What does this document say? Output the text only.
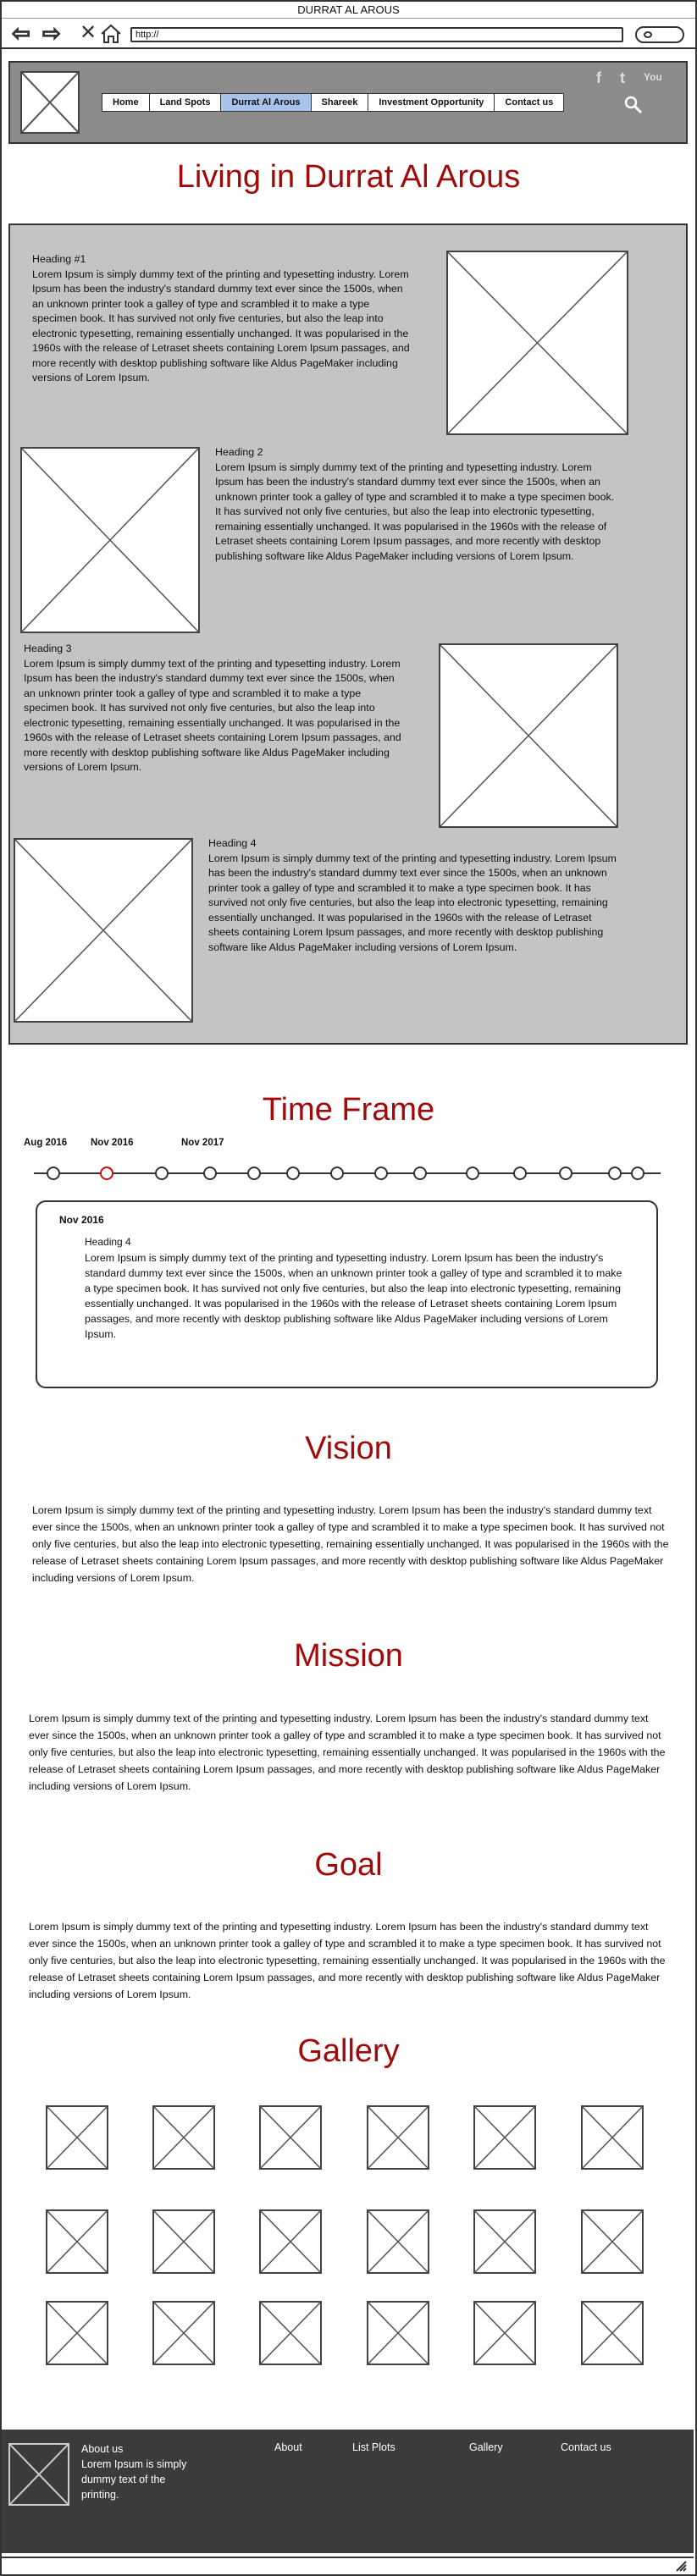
DURRAT AL AROUS
⇦ ⇨ ✕	http://
f t You
Home	Land Spots	Durrat Al Arous	Shareek	Investment Opportunity	Contact us
Living in Durrat Al Arous
Heading #1
Lorem Ipsum is simply dummy text of the printing and typesetting industry. Lorem Ipsum has been the industry's standard dummy text ever since the 1500s, when an unknown printer took a galley of type and scrambled it to make a type specimen book. It has survived not only five centuries, but also the leap into electronic typesetting, remaining essentially unchanged. It was popularised in the 1960s with the release of Letraset sheets containing Lorem Ipsum passages, and more recently with desktop publishing software like Aldus PageMaker including versions of Lorem Ipsum.
Heading 2
Lorem Ipsum is simply dummy text of the printing and typesetting industry. Lorem Ipsum has been the industry's standard dummy text ever since the 1500s, when an unknown printer took a galley of type and scrambled it to make a type specimen book. It has survived not only five centuries, but also the leap into electronic typesetting, remaining essentially unchanged. It was popularised in the 1960s with the release of Letraset sheets containing Lorem Ipsum passages, and more recently with desktop publishing software like Aldus PageMaker including versions of Lorem Ipsum.
Heading 3
Lorem Ipsum is simply dummy text of the printing and typesetting industry. Lorem Ipsum has been the industry's standard dummy text ever since the 1500s, when an unknown printer took a galley of type and scrambled it to make a type specimen book. It has survived not only five centuries, but also the leap into electronic typesetting, remaining essentially unchanged. It was popularised in the 1960s with the release of Letraset sheets containing Lorem Ipsum passages, and more recently with desktop publishing software like Aldus PageMaker including versions of Lorem Ipsum.
Heading 4
Lorem Ipsum is simply dummy text of the printing and typesetting industry. Lorem Ipsum has been the industry's standard dummy text ever since the 1500s, when an unknown printer took a galley of type and scrambled it to make a type specimen book. It has survived not only five centuries, but also the leap into electronic typesetting, remaining essentially unchanged. It was popularised in the 1960s with the release of Letraset sheets containing Lorem Ipsum passages, and more recently with desktop publishing software like Aldus PageMaker including versions of Lorem Ipsum.
Time Frame
Aug 2016 Nov 2016	Nov 2017
Nov 2016
Heading 4
Lorem Ipsum is simply dummy text of the printing and typesetting industry. Lorem Ipsum has been the industry's standard dummy text ever since the 1500s, when an unknown printer took a galley of type and scrambled it to make a type specimen book. It has survived not only five centuries, but also the leap into electronic typesetting, remaining essentially unchanged. It was popularised in the 1960s with the release of Letraset sheets containing Lorem Ipsum passages, and more recently with desktop publishing software like Aldus PageMaker including versions of Lorem Ipsum.
Vision
Lorem Ipsum is simply dummy text of the printing and typesetting industry. Lorem Ipsum has been the industry's standard dummy text ever since the 1500s, when an unknown printer took a galley of type and scrambled it to make a type specimen book. It has survived not only five centuries, but also the leap into electronic typesetting, remaining essentially unchanged. It was popularised in the 1960s with the release of Letraset sheets containing Lorem Ipsum passages, and more recently with desktop publishing software like Aldus PageMaker including versions of Lorem Ipsum.
Mission
Lorem Ipsum is simply dummy text of the printing and typesetting industry. Lorem Ipsum has been the industry's standard dummy text ever since the 1500s, when an unknown printer took a galley of type and scrambled it to make a type specimen book. It has survived not only five centuries, but also the leap into electronic typesetting, remaining essentially unchanged. It was popularised in the 1960s with the release of Letraset sheets containing Lorem Ipsum passages, and more recently with desktop publishing software like Aldus PageMaker including versions of Lorem Ipsum.
Goal
Lorem Ipsum is simply dummy text of the printing and typesetting industry. Lorem Ipsum has been the industry's standard dummy text ever since the 1500s, when an unknown printer took a galley of type and scrambled it to make a type specimen book. It has survived not only five centuries, but also the leap into electronic typesetting, remaining essentially unchanged. It was popularised in the 1960s with the release of Letraset sheets containing Lorem Ipsum passages, and more recently with desktop publishing software like Aldus PageMaker including versions of Lorem Ipsum.
Gallery
About us
Lorem Ipsum is simply dummy text of the printing.
About	List Plots	Gallery	Contact us
